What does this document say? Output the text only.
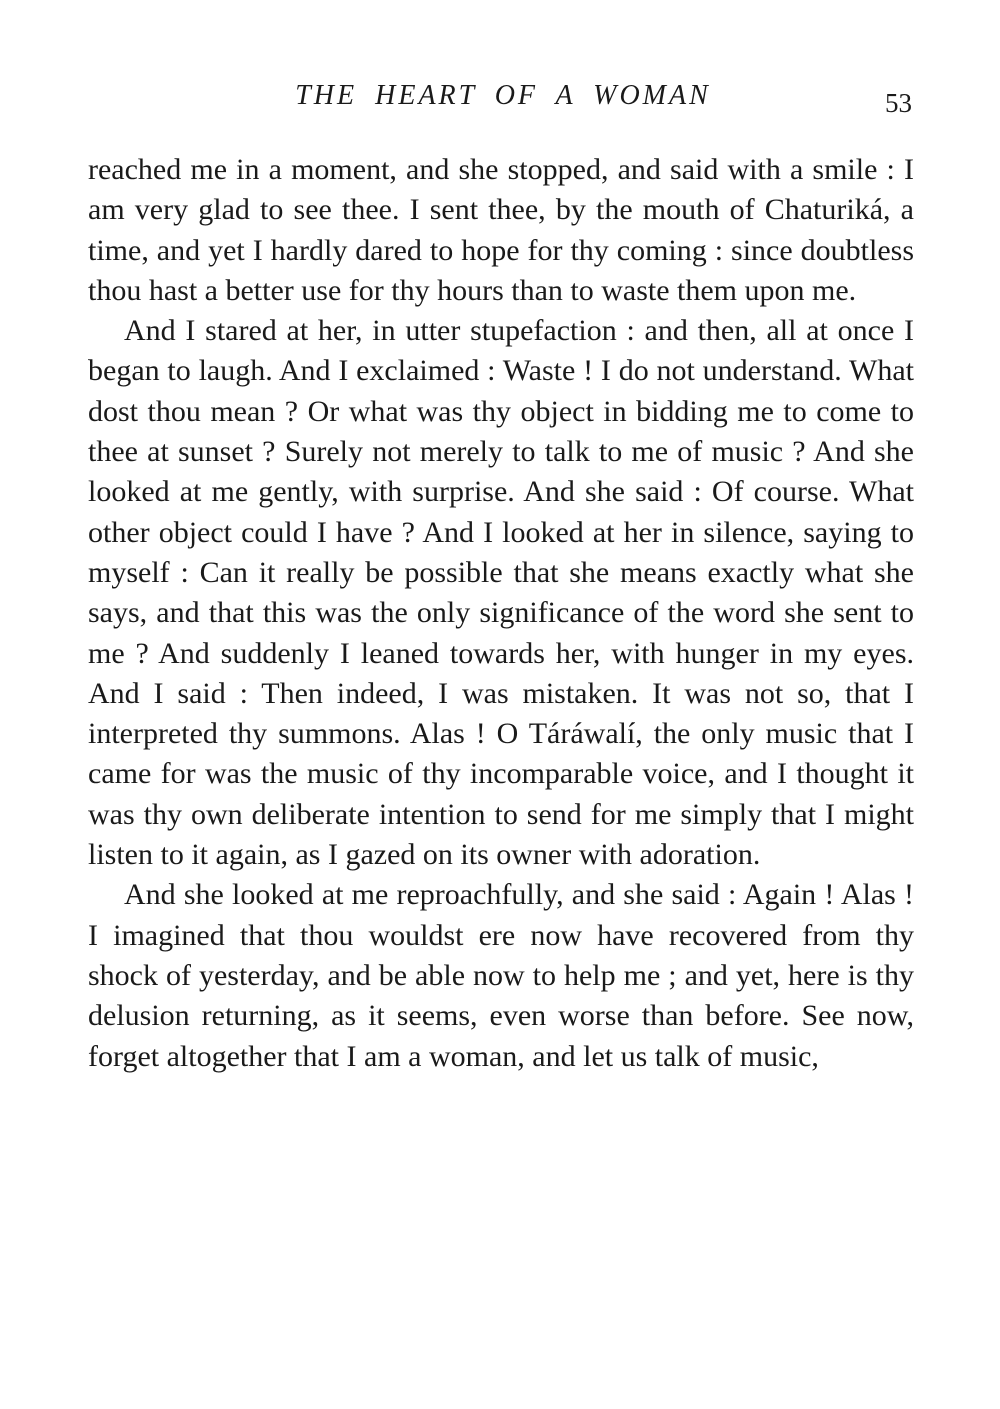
THE HEART OF A WOMAN	53

reached me in a moment, and she stopped, and said with a smile : I am very glad to see thee. I sent thee, by the mouth of Chaturiká, a time, and yet I hardly dared to hope for thy coming : since doubtless thou hast a better use for thy hours than to waste them upon me.

And I stared at her, in utter stupefaction : and then, all at once I began to laugh. And I exclaimed : Waste ! I do not understand. What dost thou mean ? Or what was thy object in bidding me to come to thee at sunset ? Surely not merely to talk to me of music ? And she looked at me gently, with surprise. And she said : Of course. What other object could I have ? And I looked at her in silence, saying to myself : Can it really be possible that she means exactly what she says, and that this was the only significance of the word she sent to me ? And suddenly I leaned towards her, with hunger in my eyes. And I said : Then indeed, I was mistaken. It was not so, that I interpreted thy summons. Alas ! O Táráwalí, the only music that I came for was the music of thy incomparable voice, and I thought it was thy own deliberate intention to send for me simply that I might listen to it again, as I gazed on its owner with adoration.

And she looked at me reproachfully, and she said : Again ! Alas ! I imagined that thou wouldst ere now have recovered from thy shock of yesterday, and be able now to help me ; and yet, here is thy delusion returning, as it seems, even worse than before. See now, forget altogether that I am a woman, and let us talk of music,
